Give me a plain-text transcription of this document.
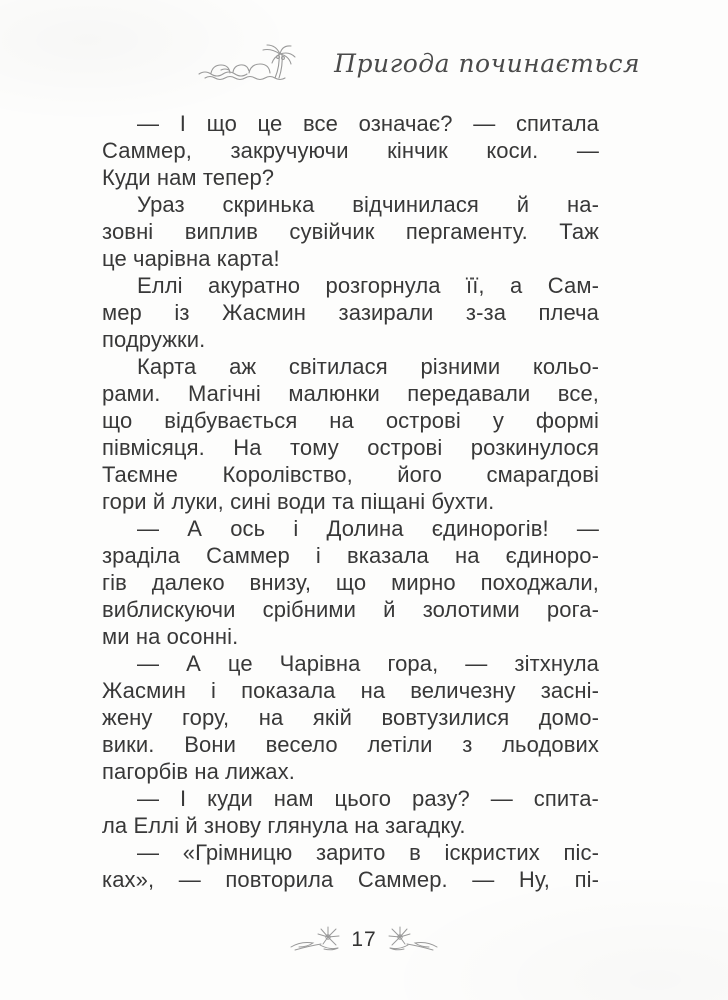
Пригода починається
— І що це все означає? — спитала
Саммер, закручуючи кінчик коси. —
Куди нам тепер?
Ураз скринька відчинилася й на-
зовні виплив сувійчик пергаменту. Таж
це чарівна карта!
Еллі акуратно розгорнула її, а Сам-
мер із Жасмин зазирали з-за плеча
подружки.
Карта аж світилася різними кольо-
рами. Магічні малюнки передавали все,
що відбувається на острові у формі
півмісяця. На тому острові розкинулося
Таємне Королівство, його смарагдові
гори й луки, сині води та піщані бухти.
— А ось і Долина єдинорогів! —
зраділа Саммер і вказала на єдиноро-
гів далеко внизу, що мирно походжали,
виблискуючи срібними й золотими рога-
ми на осонні.
— А це Чарівна гора, — зітхнула
Жасмин і показала на величезну засні-
жену гору, на якій вовтузилися домо-
вики. Вони весело летіли з льодових
пагорбів на лижах.
— І куди нам цього разу? — спита-
ла Еллі й знову глянула на загадку.
— «Грімницю зарито в іскристих піс-
ках», — повторила Саммер. — Ну, пі-
17
